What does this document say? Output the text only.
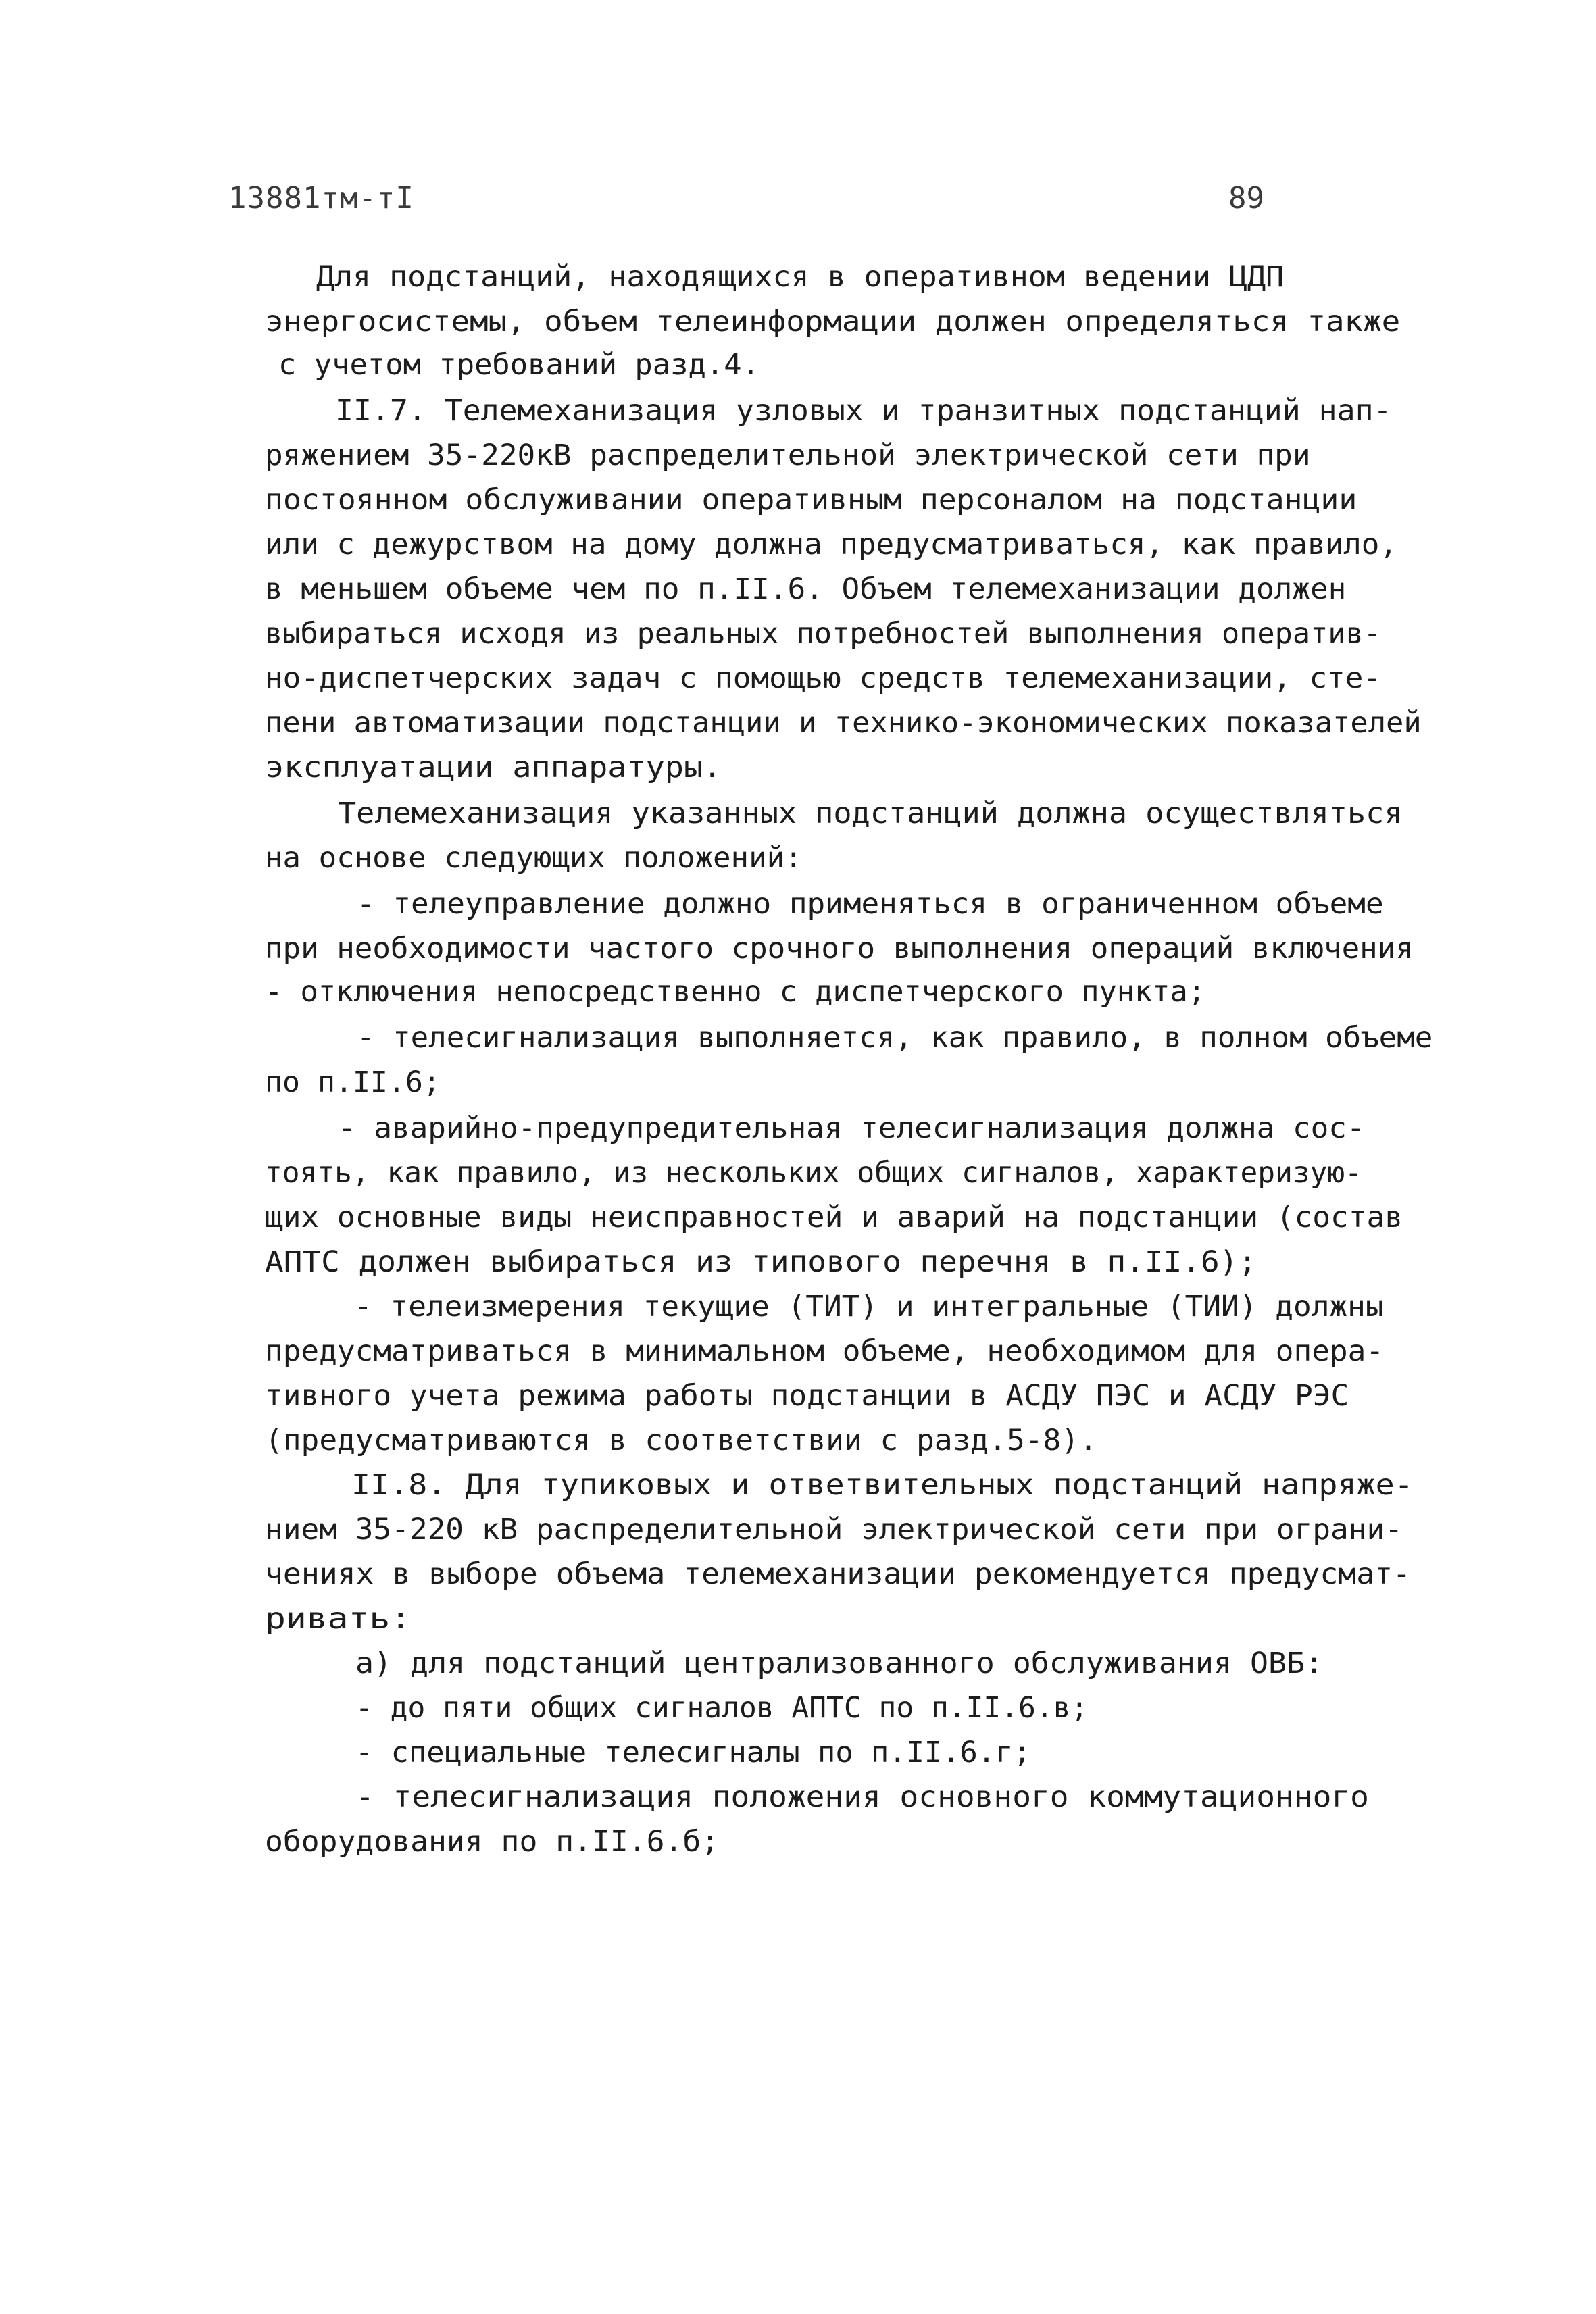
13881тм-тI	89
Для подстанций, находящихся в оперативном ведении ЦДП
энергосистемы, объем телеинформации должен определяться также
с учетом требований разд.4.
II.7. Телемеханизация узловых и транзитных подстанций нап-
ряжением 35-220кВ распределительной электрической сети при
постоянном обслуживании оперативным персоналом на подстанции
или с дежурством на дому должна предусматриваться, как правило,
в меньшем объеме чем по п.II.6. Объем телемеханизации должен
выбираться исходя из реальных потребностей выполнения оператив-
но-диспетчерских задач с помощью средств телемеханизации, сте-
пени автоматизации подстанции и технико-экономических показателей
эксплуатации аппаратуры.
Телемеханизация указанных подстанций должна осуществляться
на основе следующих положений:
- телеуправление должно применяться в ограниченном объеме
при необходимости частого срочного выполнения операций включения
- отключения непосредственно с диспетчерского пункта;
- телесигнализация выполняется, как правило, в полном объеме
по п.II.6;
- аварийно-предупредительная телесигнализация должна сос-
тоять, как правило, из нескольких общих сигналов, характеризую-
щих основные виды неисправностей и аварий на подстанции (состав
АПТС должен выбираться из типового перечня в п.II.6);
- телеизмерения текущие (ТИТ) и интегральные (ТИИ) должны
предусматриваться в минимальном объеме, необходимом для опера-
тивного учета режима работы подстанции в АСДУ ПЭС и АСДУ РЭС
(предусматриваются в соответствии с разд.5-8).
II.8. Для тупиковых и ответвительных подстанций напряже-
нием 35-220 кВ распределительной электрической сети при ограни-
чениях в выборе объема телемеханизации рекомендуется предусмат-
ривать:
а) для подстанций централизованного обслуживания ОВБ:
- до пяти общих сигналов АПТС по п.II.6.в;
- специальные телесигналы по п.II.6.г;
- телесигнализация положения основного коммутационного
оборудования по п.II.6.б;
